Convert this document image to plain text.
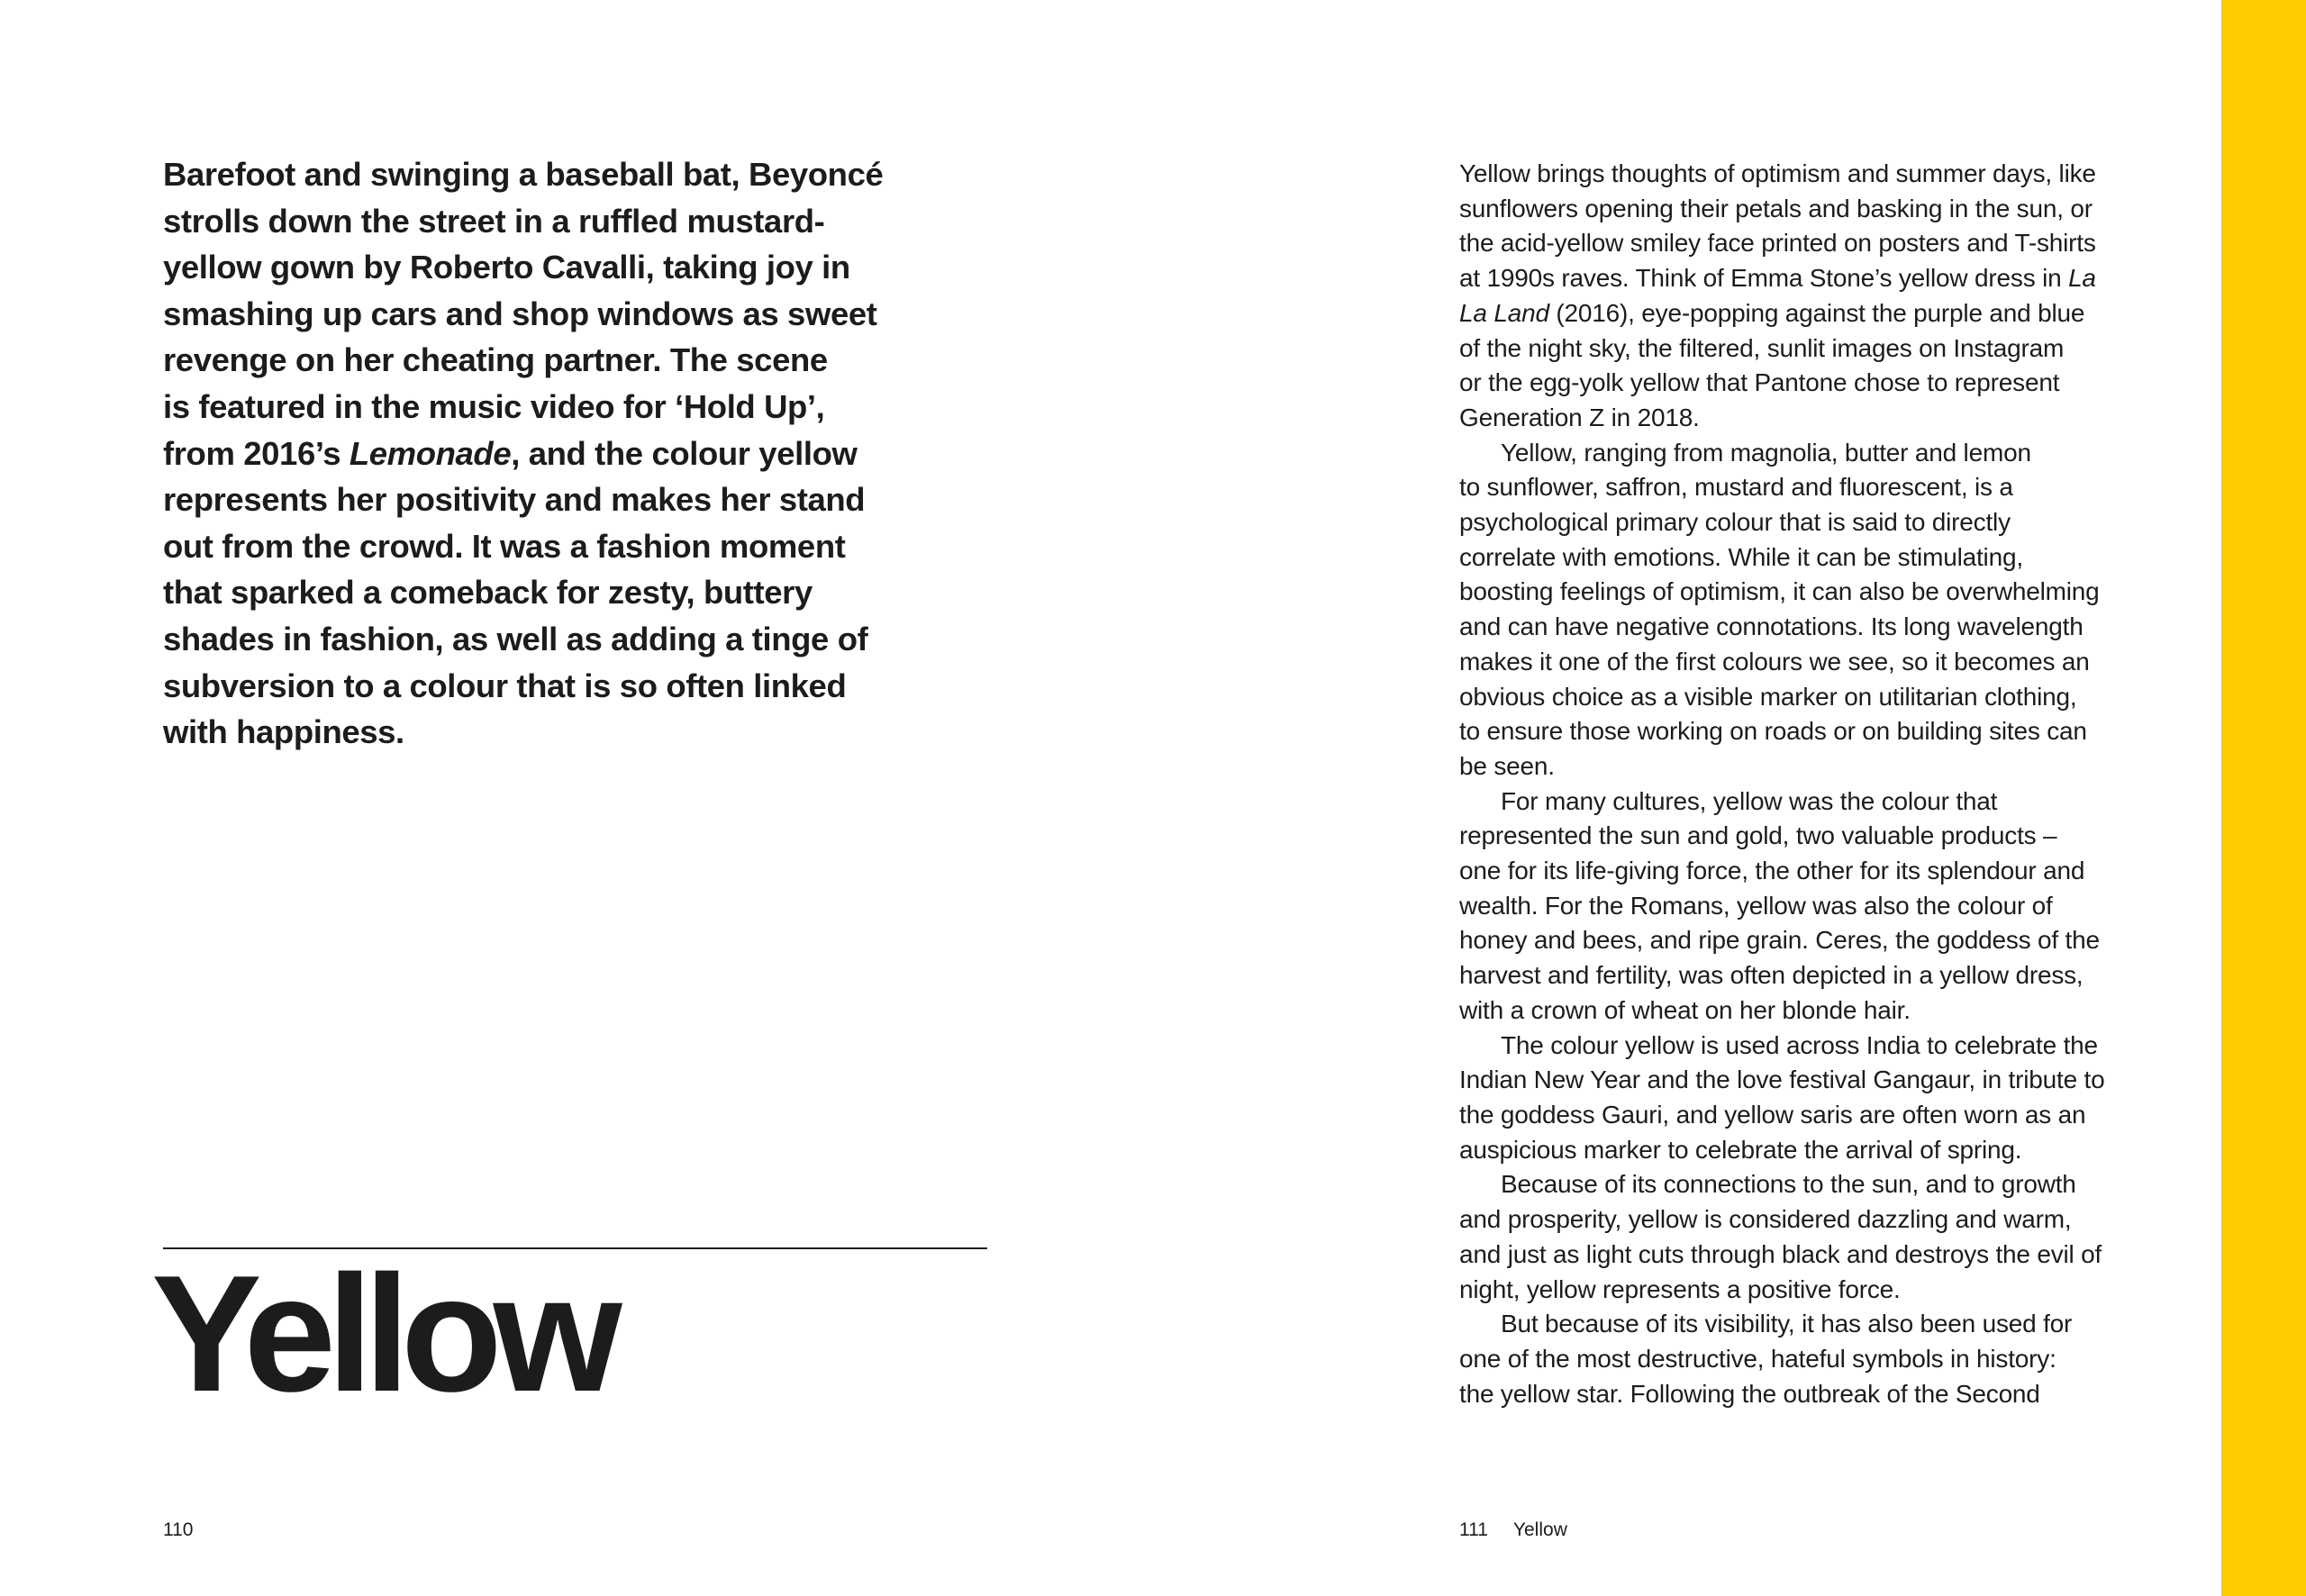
Barefoot and swinging a baseball bat, Beyoncé
strolls down the street in a ruffled mustard-
yellow gown by Roberto Cavalli, taking joy in
smashing up cars and shop windows as sweet
revenge on her cheating partner. The scene
is featured in the music video for ‘Hold Up’,
from 2016’s Lemonade, and the colour yellow
represents her positivity and makes her stand
out from the crowd. It was a fashion moment
that sparked a comeback for zesty, buttery
shades in fashion, as well as adding a tinge of
subversion to a colour that is so often linked
with happiness.

Yellow
110

Yellow brings thoughts of optimism and summer days, like
sunflowers opening their petals and basking in the sun, or
the acid-yellow smiley face printed on posters and T-shirts
at 1990s raves. Think of Emma Stone’s yellow dress in La
La Land (2016), eye-popping against the purple and blue
of the night sky, the filtered, sunlit images on Instagram
or the egg-yolk yellow that Pantone chose to represent
Generation Z in 2018.
Yellow, ranging from magnolia, butter and lemon
to sunflower, saffron, mustard and fluorescent, is a
psychological primary colour that is said to directly
correlate with emotions. While it can be stimulating,
boosting feelings of optimism, it can also be overwhelming
and can have negative connotations. Its long wavelength
makes it one of the first colours we see, so it becomes an
obvious choice as a visible marker on utilitarian clothing,
to ensure those working on roads or on building sites can
be seen.
For many cultures, yellow was the colour that
represented the sun and gold, two valuable products –
one for its life-giving force, the other for its splendour and
wealth. For the Romans, yellow was also the colour of
honey and bees, and ripe grain. Ceres, the goddess of the
harvest and fertility, was often depicted in a yellow dress,
with a crown of wheat on her blonde hair.
The colour yellow is used across India to celebrate the
Indian New Year and the love festival Gangaur, in tribute to
the goddess Gauri, and yellow saris are often worn as an
auspicious marker to celebrate the arrival of spring.
Because of its connections to the sun, and to growth
and prosperity, yellow is considered dazzling and warm,
and just as light cuts through black and destroys the evil of
night, yellow represents a positive force.
But because of its visibility, it has also been used for
one of the most destructive, hateful symbols in history:
the yellow star. Following the outbreak of the Second

111 Yellow
